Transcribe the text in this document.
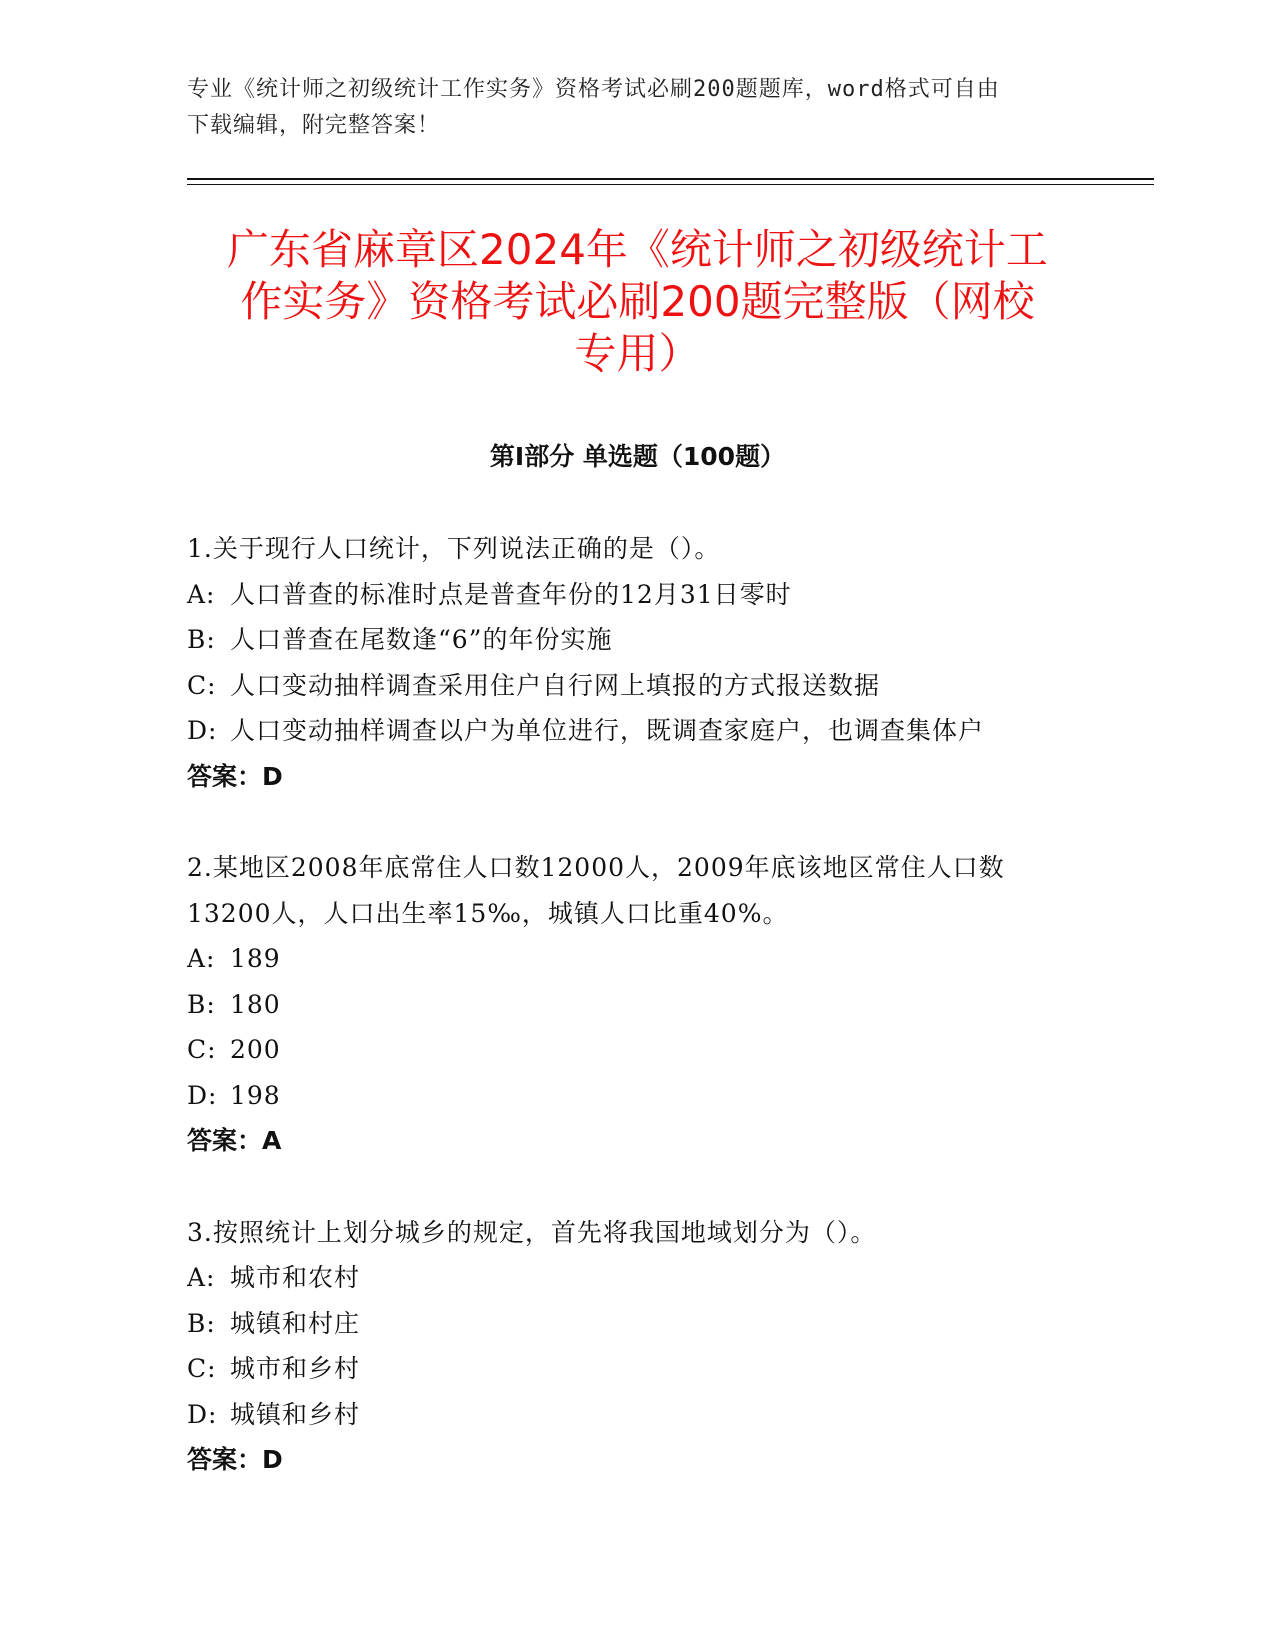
专业《统计师之初级统计工作实务》资格考试必刷200题题库，word格式可自由
下载编辑，附完整答案！
广东省麻章区2024年《统计师之初级统计工
作实务》资格考试必刷200题完整版（网校
专用）
第Ⅰ部分 单选题（100题）
1.关于现行人口统计，下列说法正确的是（）。
A: 人口普查的标准时点是普查年份的12月31日零时
B: 人口普查在尾数逢“6”的年份实施
C: 人口变动抽样调查采用住户自行网上填报的方式报送数据
D: 人口变动抽样调查以户为单位进行，既调查家庭户，也调查集体户
答案：D
2.某地区2008年底常住人口数12000人，2009年底该地区常住人口数
13200人，人口出生率15‰，城镇人口比重40%。
A: 189
B: 180
C: 200
D: 198
答案：A
3.按照统计上划分城乡的规定，首先将我国地域划分为（）。
A: 城市和农村
B: 城镇和村庄
C: 城市和乡村
D: 城镇和乡村
答案：D
